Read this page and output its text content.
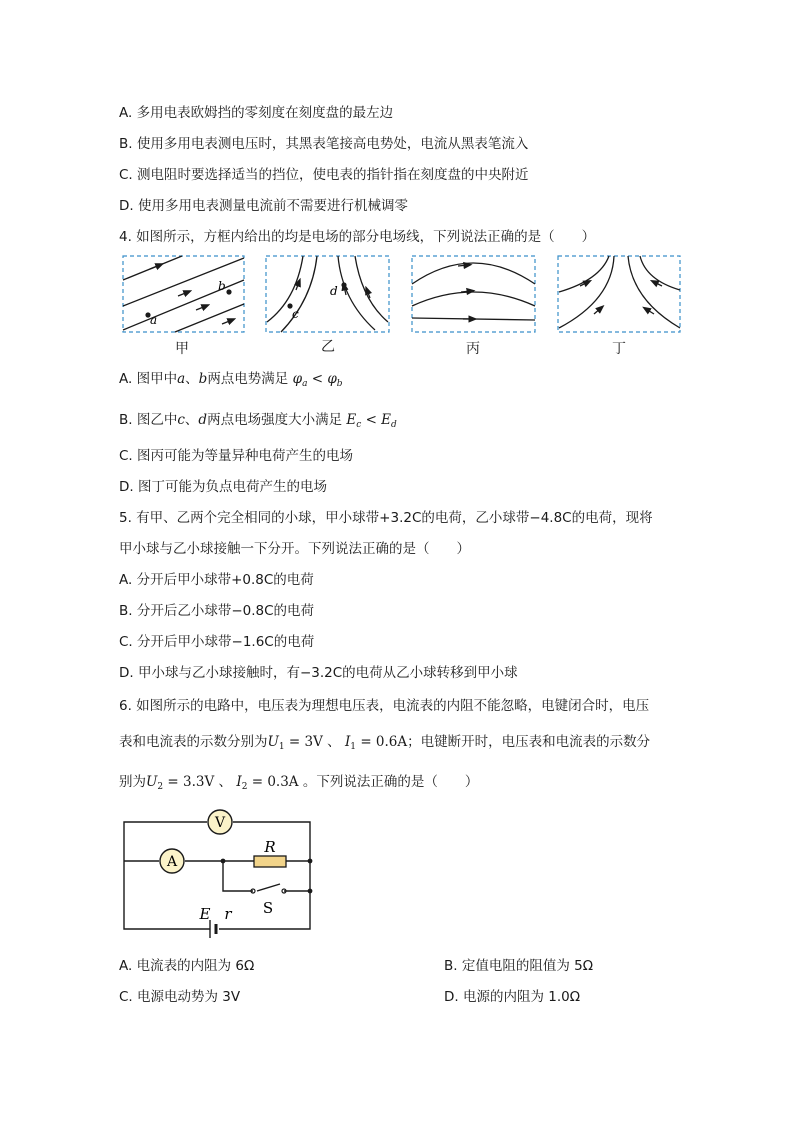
A. 多用电表欧姆挡的零刻度在刻度盘的最左边
B. 使用多用电表测电压时，其黑表笔接高电势处，电流从黑表笔流入
C. 测电阻时要选择适当的挡位，使电表的指针指在刻度盘的中央附近
D. 使用多用电表测量电流前不需要进行机械调零
4. 如图所示，方框内给出的均是电场的部分电场线，下列说法正确的是（　　）
a
b
c
d
甲	乙	丙	丁
A. 图甲中a、b两点电势满足 $\varphi_a < \varphi_b$
B. 图乙中c、d两点电场强度大小满足 $E_c < E_d$
C. 图丙可能为等量异种电荷产生的电场
D. 图丁可能为负点电荷产生的电场
5. 有甲、乙两个完全相同的小球，甲小球带+3.2C的电荷，乙小球带−4.8C的电荷，现将
甲小球与乙小球接触一下分开。下列说法正确的是（　　）
A. 分开后甲小球带+0.8C的电荷
B. 分开后乙小球带−0.8C的电荷
C. 分开后甲小球带−1.6C的电荷
D. 甲小球与乙小球接触时，有−3.2C的电荷从乙小球转移到甲小球
6. 如图所示的电路中，电压表为理想电压表，电流表的内阻不能忽略，电键闭合时，电压
表和电流表的示数分别为$U_1 = 3V$ 、 $I_1 = 0.6A$；电键断开时，电压表和电流表的示数分
别为$U_2 = 3.3V$ 、 $I_2 = 0.3A$ 。下列说法正确的是（　　）
V
A
R
S
E r
A. 电流表的内阻为 6Ω	B. 定值电阻的阻值为 5Ω
C. 电源电动势为 3V	D. 电源的内阻为 1.0Ω
